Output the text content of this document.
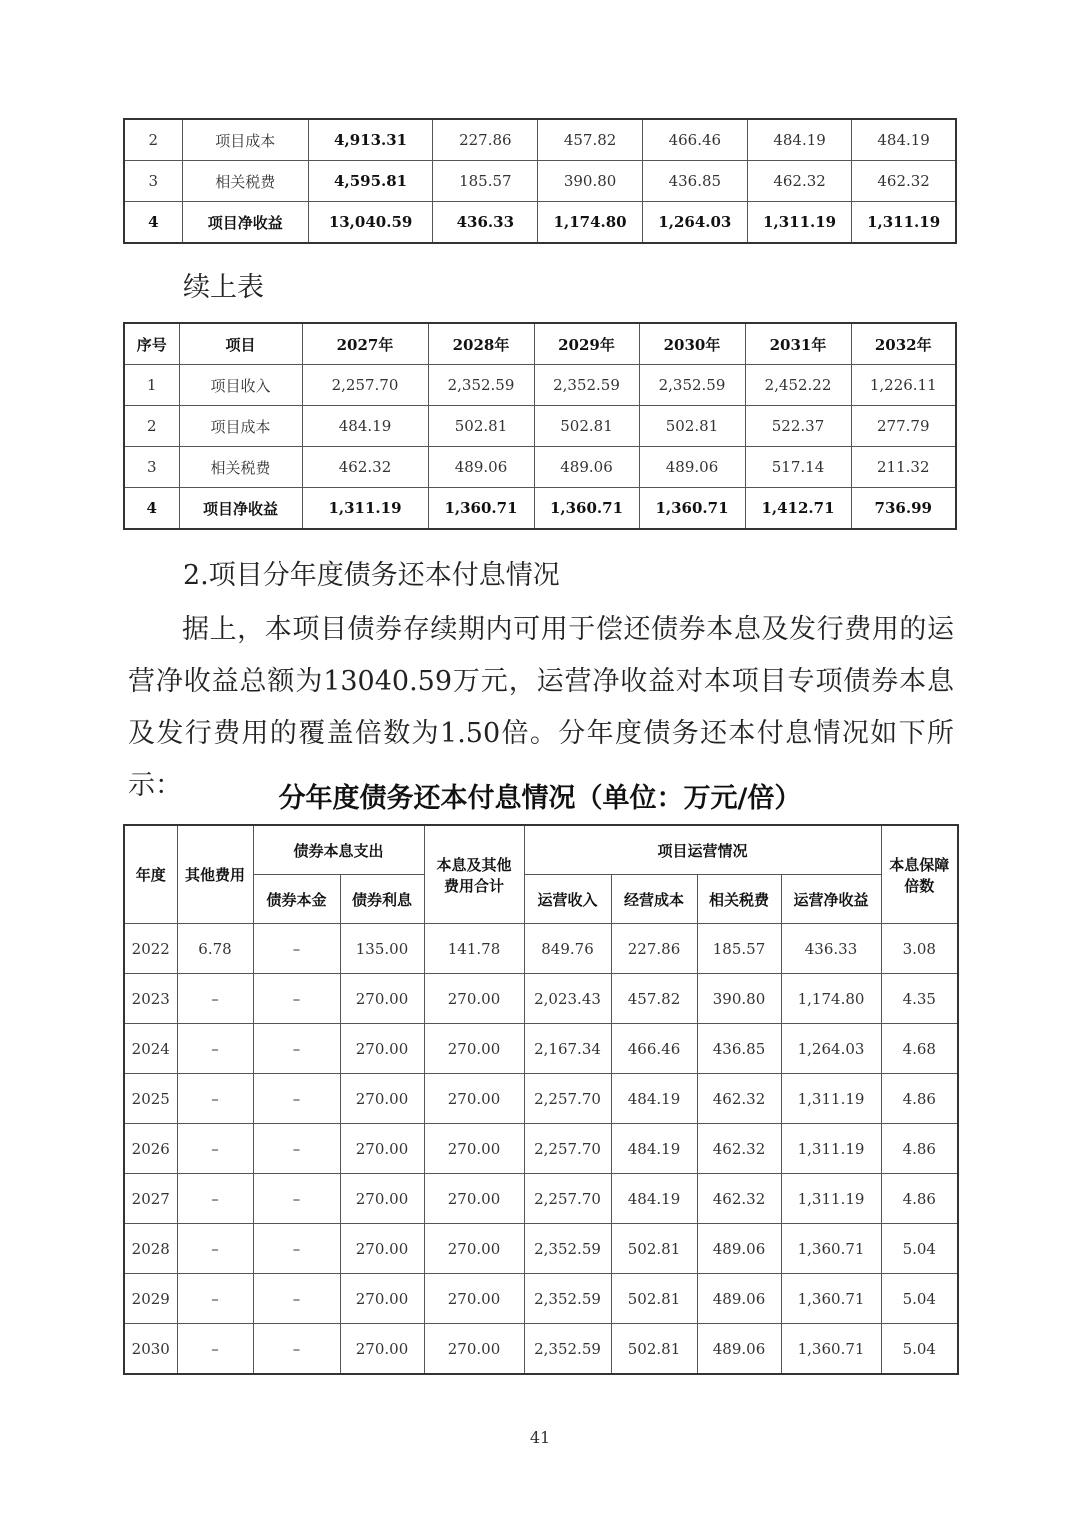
2	项目成本	4,913.31	227.86	457.82	466.46	484.19	484.19
3	相关税费	4,595.81	185.57	390.80	436.85	462.32	462.32
4	项目净收益	13,040.59	436.33	1,174.80	1,264.03	1,311.19	1,311.19
续上表
序号	项目	2027年	2028年	2029年	2030年	2031年	2032年
1	项目收入	2,257.70	2,352.59	2,352.59	2,352.59	2,452.22	1,226.11
2	项目成本	484.19	502.81	502.81	502.81	522.37	277.79
3	相关税费	462.32	489.06	489.06	489.06	517.14	211.32
4	项目净收益	1,311.19	1,360.71	1,360.71	1,360.71	1,412.71	736.99
2.项目分年度债务还本付息情况

据上，本项目债券存续期内可用于偿还债券本息及发行费用的运营净收益总额为13040.59万元，运营净收益对本项目专项债券本息及发行费用的覆盖倍数为1.50倍。分年度债务还本付息情况如下所示：	分年度债务还本付息情况（单位：万元/倍）
年度	其他费用	债券本息支出		本息及其他费用合计	项目运营情况				本息保障倍数
		债券本金	债券利息		运营收入	经营成本	相关税费	运营净收益	
2022	6.78	–	135.00	141.78	849.76	227.86	185.57	436.33	3.08
2023	–	–	270.00	270.00	2,023.43	457.82	390.80	1,174.80	4.35
2024	–	–	270.00	270.00	2,167.34	466.46	436.85	1,264.03	4.68
2025	–	–	270.00	270.00	2,257.70	484.19	462.32	1,311.19	4.86
2026	–	–	270.00	270.00	2,257.70	484.19	462.32	1,311.19	4.86
2027	–	–	270.00	270.00	2,257.70	484.19	462.32	1,311.19	4.86
2028	–	–	270.00	270.00	2,352.59	502.81	489.06	1,360.71	5.04
2029	–	–	270.00	270.00	2,352.59	502.81	489.06	1,360.71	5.04
2030	–	–	270.00	270.00	2,352.59	502.81	489.06	1,360.71	5.04
41
